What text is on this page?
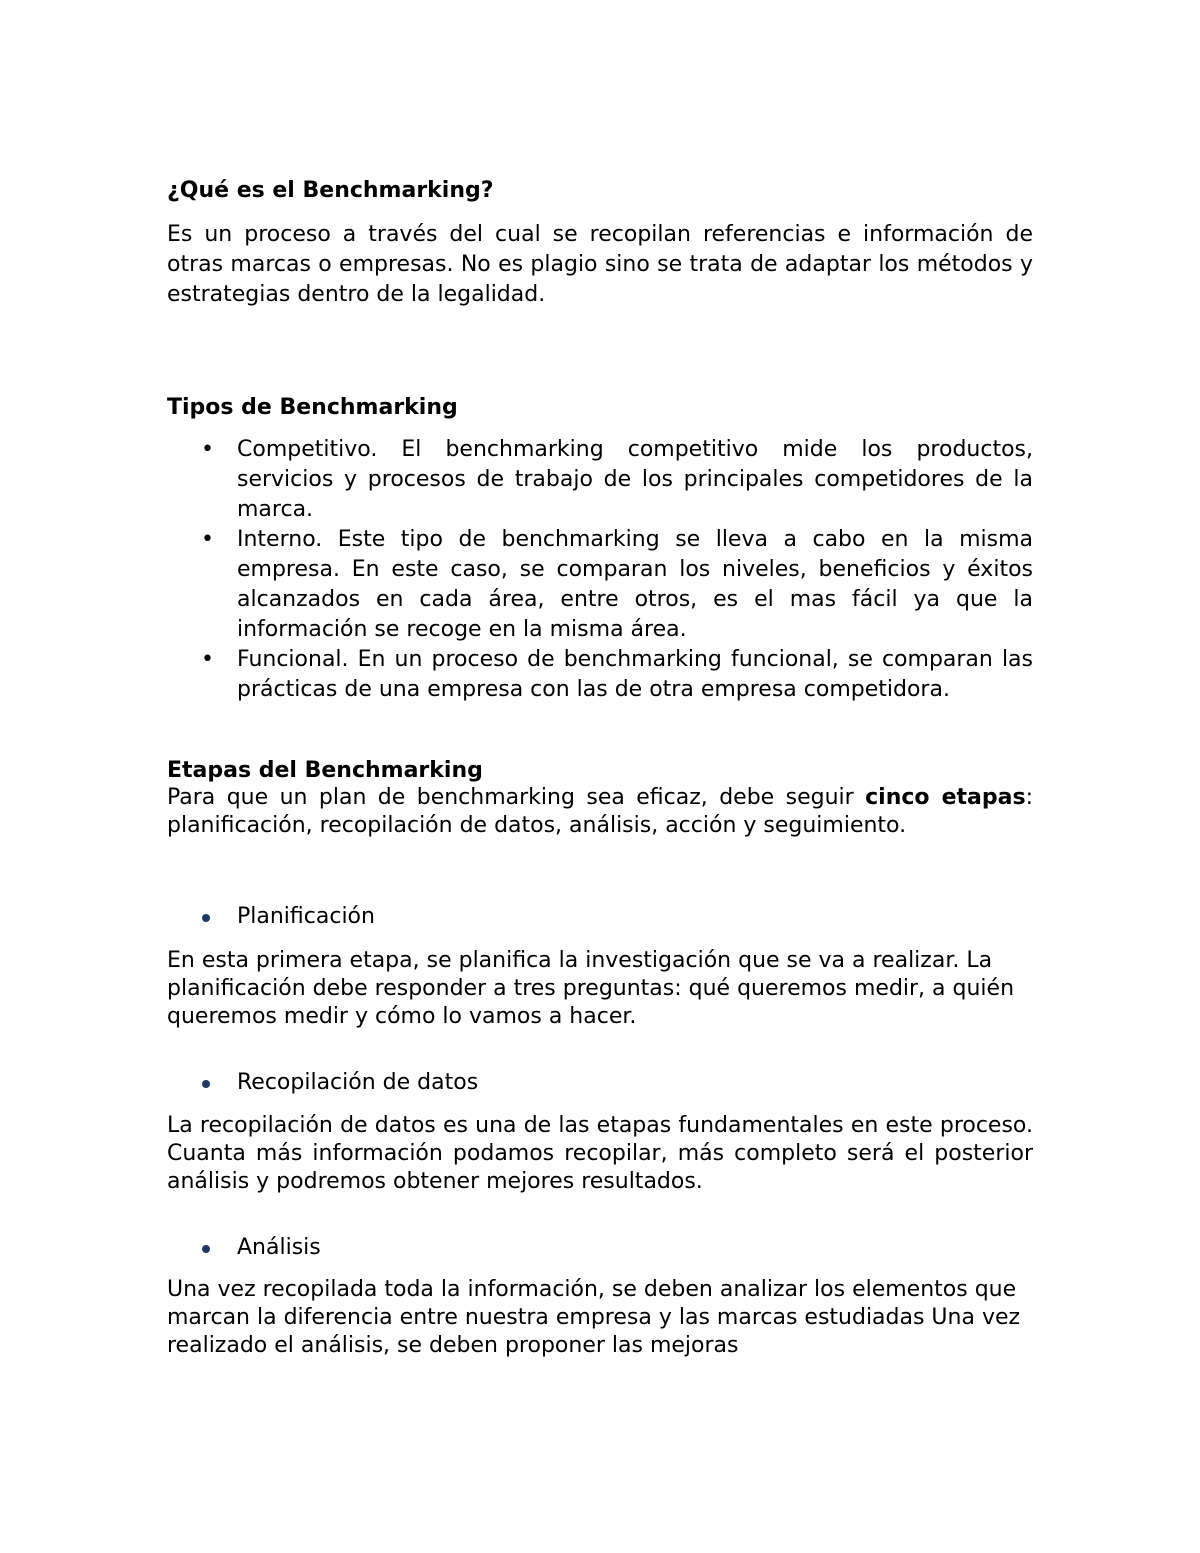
¿Qué es el Benchmarking?

Es un proceso a través del cual se recopilan referencias e información de otras marcas o empresas. No es plagio sino se trata de adaptar los métodos y estrategias dentro de la legalidad.

Tipos de Benchmarking
• Competitivo. El benchmarking competitivo mide los productos, servicios y procesos de trabajo de los principales competidores de la marca.
• Interno. Este tipo de benchmarking se lleva a cabo en la misma empresa. En este caso, se comparan los niveles, beneficios y éxitos alcanzados en cada área, entre otros, es el mas fácil ya que la información se recoge en la misma área.
• Funcional. En un proceso de benchmarking funcional, se comparan las prácticas de una empresa con las de otra empresa competidora.
Etapas del Benchmarking

Para que un plan de benchmarking sea eficaz, debe seguir cinco etapas: planificación, recopilación de datos, análisis, acción y seguimiento.

Planificación

En esta primera etapa, se planifica la investigación que se va a realizar. La planificación debe responder a tres preguntas: qué queremos medir, a quién queremos medir y cómo lo vamos a hacer.

Recopilación de datos

La recopilación de datos es una de las etapas fundamentales en este proceso. Cuanta más información podamos recopilar, más completo será el posterior análisis y podremos obtener mejores resultados.

Análisis

Una vez recopilada toda la información, se deben analizar los elementos que marcan la diferencia entre nuestra empresa y las marcas estudiadas Una vez realizado el análisis, se deben proponer las mejoras
